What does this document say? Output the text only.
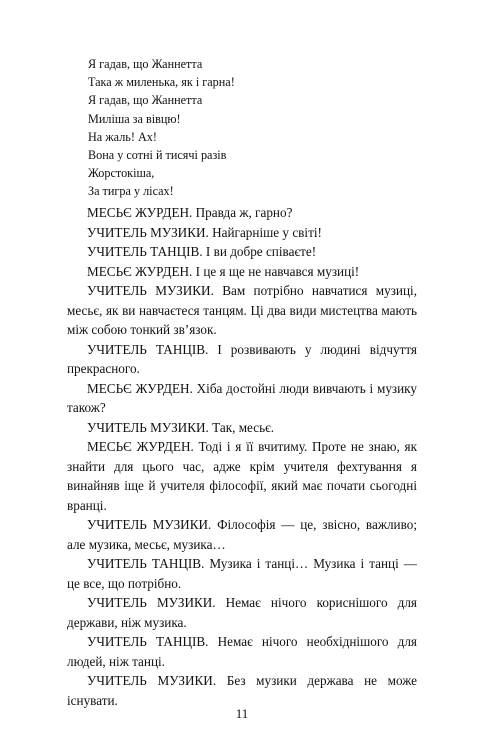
Я гадав, що Жаннетта
Така ж миленька, як і гарна!
Я гадав, що Жаннетта
Миліша за вівцю!
На жаль! Ах!
Вона у сотні й тисячі разів
Жорстокіша,
За тигра у лісах!

МЕСЬЄ ЖУРДЕН. Правда ж, гарно?

УЧИТЕЛЬ МУЗИКИ. Найгарніше у світі!

УЧИТЕЛЬ ТАНЦІВ. І ви добре співаєте!

МЕСЬЄ ЖУРДЕН. І це я ще не навчався музиці!

УЧИТЕЛЬ МУЗИКИ. Вам потрібно навчатися музиці, месьє, як ви навчаєтеся танцям. Ці два види мистецтва мають між собою тонкий зв’язок.

УЧИТЕЛЬ ТАНЦІВ. І розвивають у людині відчуття прекрасного.

МЕСЬЄ ЖУРДЕН. Хіба достойні люди вивчають і музику також?

УЧИТЕЛЬ МУЗИКИ. Так, месьє.

МЕСЬЄ ЖУРДЕН. Тоді і я її вчитиму. Проте не знаю, як знайти для цього час, адже крім учителя фехтування я винайняв іще й учителя філософії, який має почати сьогодні вранці.

УЧИТЕЛЬ МУЗИКИ. Філософія — це, звісно, важливо; але музика, месьє, музика…

УЧИТЕЛЬ ТАНЦІВ. Музика і танці… Музика і танці — це все, що потрібно.

УЧИТЕЛЬ МУЗИКИ. Немає нічого кориснішого для держави, ніж музика.

УЧИТЕЛЬ ТАНЦІВ. Немає нічого необхіднішого для людей, ніж танці.

УЧИТЕЛЬ МУЗИКИ. Без музики держава не може існувати.

11
